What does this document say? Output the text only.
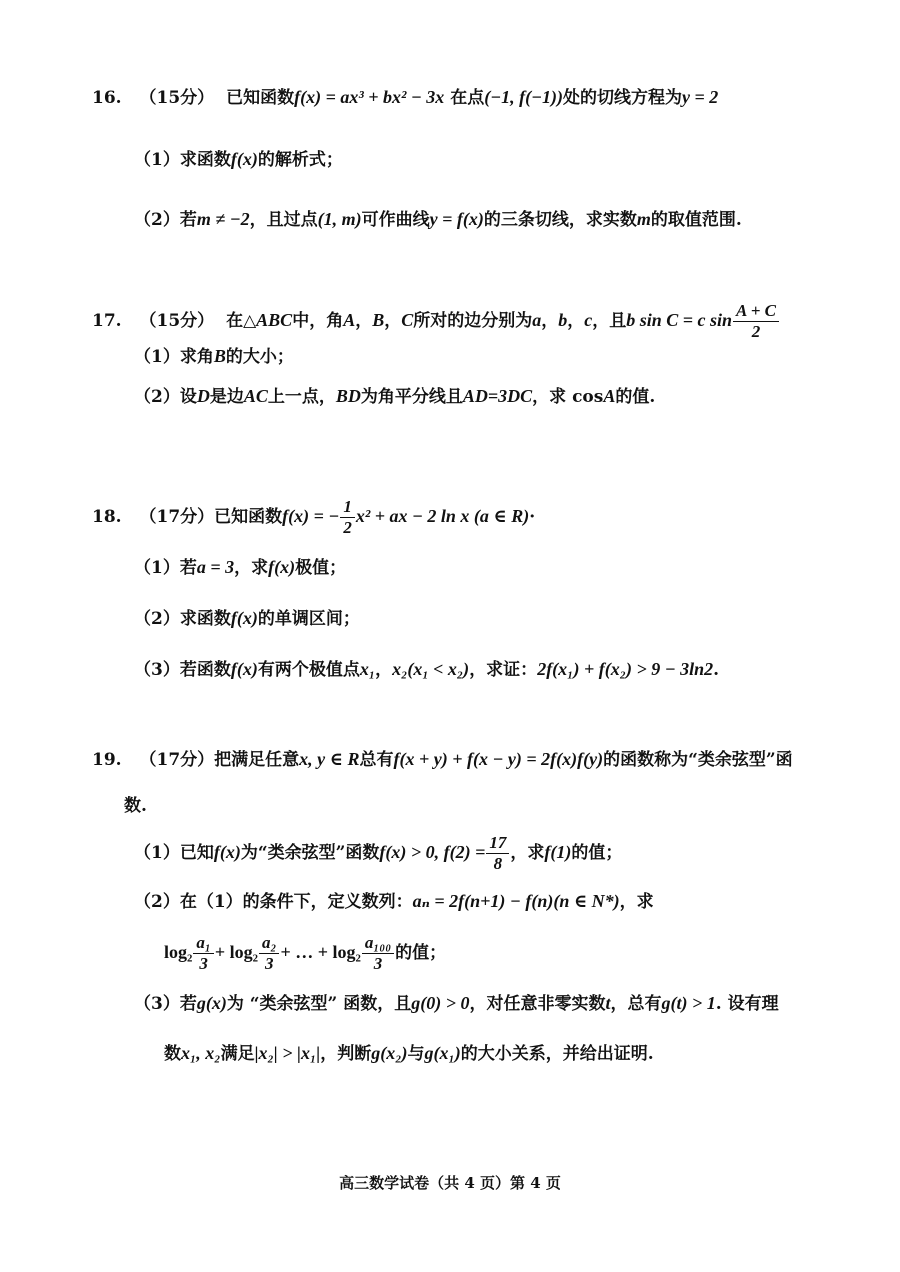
16. （15分） 已知函数f(x) = ax³ + bx² − 3x 在点(−1, f(−1))处的切线方程为y = 2
（1）求函数f(x)的解析式；
（2）若m ≠ −2，且过点(1, m)可作曲线y = f(x)的三条切线，求实数m的取值范围.
17. （15分） 在△ABC中，角A，B，C所对的边分别为a，b，c，且b sin C = c $\sin \frac{A + C}{2}$
（1）求角B的大小；
（2）设D是边AC上一点，BD为角平分线且AD=3DC，求 cosA的值.
18. （17分）已知函数f(x) = − $\frac{1}{2} x^2$ + ax − 2 ln x (a ∈ R)·
（1）若a = 3，求f(x)极值；
（2）求函数f(x)的单调区间；
（3）若函数f(x)有两个极值点x₁，x₂(x₁ < x₂)，求证：2f(x₁) + f(x₂) > 9 − 3ln2.
19. （17分）把满足任意x, y ∈ R总有f(x + y) + f(x − y) = 2f(x)f(y)的函数称为“类余弦型”函
数.
（1）已知f(x)为“类余弦型”函数f(x) > 0, $f(2) = \frac{17}{8}$ ，求f(1)的值；
（2）在（1）的条件下，定义数列：aₙ = 2f(n+1) − f(n)(n ∈ N*)，求
$\log_2 \frac{\text{a₁}}{3} + \log_2 \frac{\text{a₂}}{3}$ + … + $\log_2 \frac{\text{a₁₀₀}}{3}$ 的值；
（3）若g(x)为 “类余弦型” 函数，且g(0) > 0，对任意非零实数t，总有g(t) > 1. 设有理
数x₁, x₂满足|x₂| > |x₁|，判断g(x₂)与g(x₁)的大小关系，并给出证明.
高三数学试卷（共 4 页）第 4 页
